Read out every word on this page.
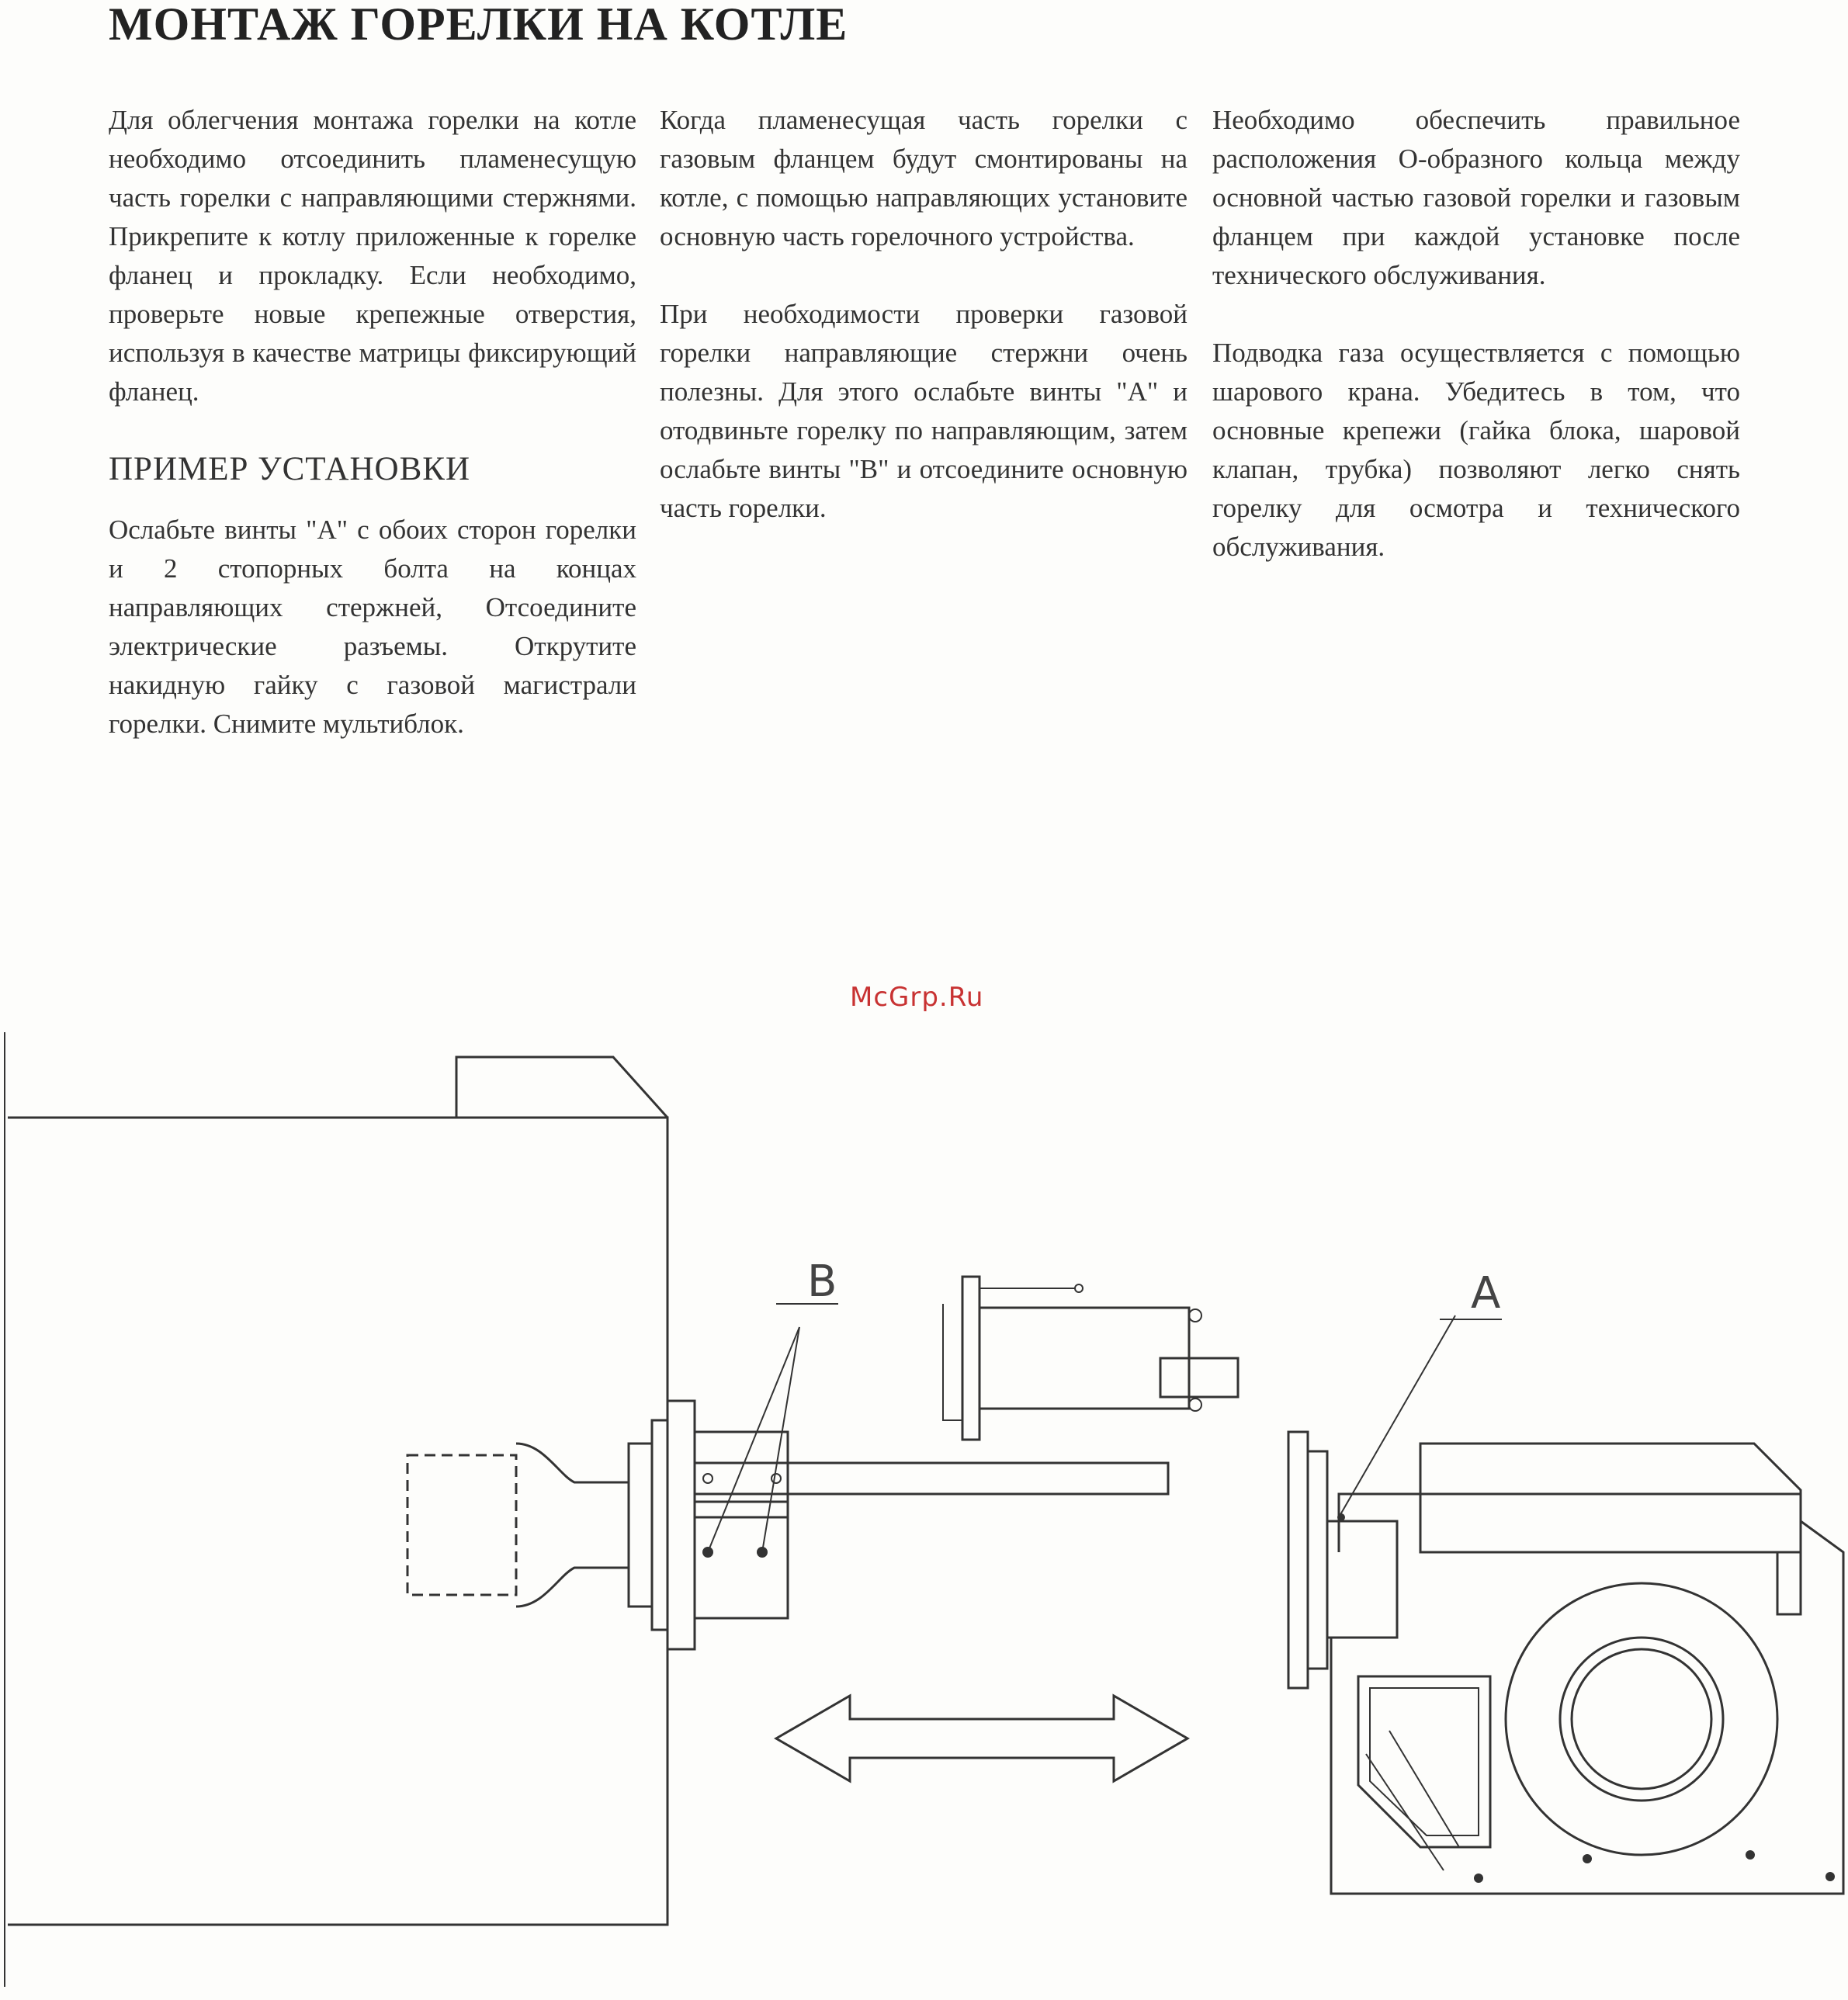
МОНТАЖ ГОРЕЛКИ НА КОТЛЕ

Для облегчения монтажа горелки на котле необходимо отсоединить пламенесущую часть горелки с направляющими стержнями. Прикрепите к котлу приложенные к горелке фланец и прокладку. Если необходимо, проверьте новые крепежные отверстия, используя в качестве матрицы фиксирующий фланец.

ПРИМЕР УСТАНОВКИ

Ослабьте винты "А" с обоих сторон горелки и 2 стопорных болта на концах направляющих стержней, Отсоедините электрические разъемы. Открутите накидную гайку с газовой магистрали горелки. Снимите мультиблок.

Когда пламенесущая часть горелки с газовым фланцем будут смонтированы на котле, с помощью направляющих установите основную часть горелочного устройства.

При необходимости проверки газовой горелки направляющие стержни очень полезны. Для этого ослабьте винты "А" и отодвиньте горелку по направляющим, затем ослабьте винты "В" и отсоедините основную часть горелки.

Необходимо обеспечить правильное расположения О-образного кольца между основной частью газовой горелки и газовым фланцем при каждой установке после технического обслуживания.

Подводка газа осуществляется с помощью шарового крана. Убедитесь в том, что основные крепежи (гайка блока, шаровой клапан, трубка) позволяют легко снять горелку для осмотра и технического обслуживания.

McGrp.Ru
B	A
